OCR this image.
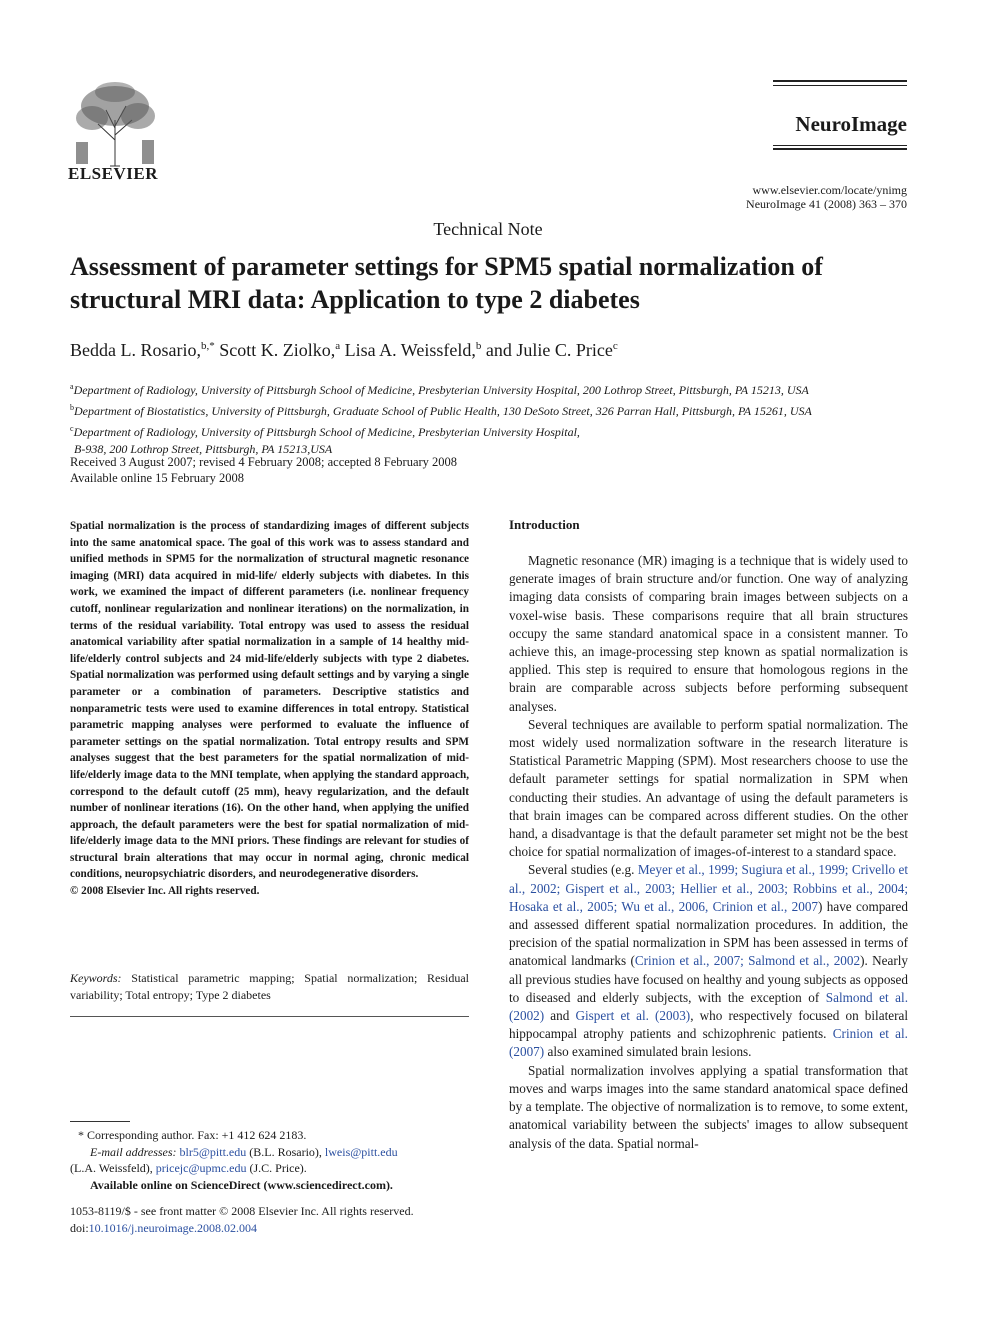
ELSEVIER
NeuroImage
www.elsevier.com/locate/ynimg
NeuroImage 41 (2008) 363 – 370
Technical Note
Assessment of parameter settings for SPM5 spatial normalization of structural MRI data: Application to type 2 diabetes
Bedda L. Rosario,$^{b,*}$ Scott K. Ziolko,$^a$ Lisa A. Weissfeld,$^b$ and Julie C. Price$^c$
$^a$Department of Radiology, University of Pittsburgh School of Medicine, Presbyterian University Hospital, 200 Lothrop Street, Pittsburgh, PA 15213, USA
$^b$Department of Biostatistics, University of Pittsburgh, Graduate School of Public Health, 130 DeSoto Street, 326 Parran Hall, Pittsburgh, PA 15261, USA
$^c$Department of Radiology, University of Pittsburgh School of Medicine, Presbyterian University Hospital,
B-938, 200 Lothrop Street, Pittsburgh, PA 15213,USA
Received 3 August 2007; revised 4 February 2008; accepted 8 February 2008
Available online 15 February 2008
Spatial normalization is the process of standardizing images of different subjects into the same anatomical space. The goal of this work was to assess standard and unified methods in SPM5 for the normalization of structural magnetic resonance imaging (MRI) data acquired in mid-life/ elderly subjects with diabetes. In this work, we examined the impact of different parameters (i.e. nonlinear frequency cutoff, nonlinear regularization and nonlinear iterations) on the normalization, in terms of the residual variability. Total entropy was used to assess the residual anatomical variability after spatial normalization in a sample of 14 healthy mid-life/elderly control subjects and 24 mid-life/elderly subjects with type 2 diabetes. Spatial normalization was performed using default settings and by varying a single parameter or a combination of parameters. Descriptive statistics and nonparametric tests were used to examine differences in total entropy. Statistical parametric mapping analyses were performed to evaluate the influence of parameter settings on the spatial normalization. Total entropy results and SPM analyses suggest that the best parameters for the spatial normalization of mid-life/elderly image data to the MNI template, when applying the standard approach, correspond to the default cutoff (25 mm), heavy regularization, and the default number of nonlinear iterations (16). On the other hand, when applying the unified approach, the default parameters were the best for spatial normalization of mid-life/elderly image data to the MNI priors. These findings are relevant for studies of structural brain alterations that may occur in normal aging, chronic medical conditions, neuropsychiatric disorders, and neurodegenerative disorders.
© 2008 Elsevier Inc. All rights reserved.
Keywords: Statistical parametric mapping; Spatial normalization; Residual variability; Total entropy; Type 2 diabetes
* Corresponding author. Fax: +1 412 624 2183.
E-mail addresses: blr5@pitt.edu (B.L. Rosario), lweis@pitt.edu
(L.A. Weissfeld), pricejc@upmc.edu (J.C. Price).
Available online on ScienceDirect (www.sciencedirect.com).
1053-8119/$ - see front matter © 2008 Elsevier Inc. All rights reserved.
doi:10.1016/j.neuroimage.2008.02.004
Introduction

Magnetic resonance (MR) imaging is a technique that is widely used to generate images of brain structure and/or function. One way of analyzing imaging data consists of comparing brain images between subjects on a voxel-wise basis. These comparisons require that all brain structures occupy the same standard anatomical space in a consistent manner. To achieve this, an image-processing step known as spatial normalization is applied. This step is required to ensure that homologous regions in the brain are comparable across subjects before performing subsequent analyses.

Several techniques are available to perform spatial normalization. The most widely used normalization software in the research literature is Statistical Parametric Mapping (SPM). Most researchers choose to use the default parameter settings for spatial normalization in SPM when conducting their studies. An advantage of using the default parameters is that brain images can be compared across different studies. On the other hand, a disadvantage is that the default parameter set might not be the best choice for spatial normalization of images-of-interest to a standard space.

Several studies (e.g. Meyer et al., 1999; Sugiura et al., 1999; Crivello et al., 2002; Gispert et al., 2003; Hellier et al., 2003; Robbins et al., 2004; Hosaka et al., 2005; Wu et al., 2006, Crinion et al., 2007) have compared and assessed different spatial normalization procedures. In addition, the precision of the spatial normalization in SPM has been assessed in terms of anatomical landmarks (Crinion et al., 2007; Salmond et al., 2002). Nearly all previous studies have focused on healthy and young subjects as opposed to diseased and elderly subjects, with the exception of Salmond et al. (2002) and Gispert et al. (2003), who respectively focused on bilateral hippocampal atrophy patients and schizophrenic patients. Crinion et al. (2007) also examined simulated brain lesions.

Spatial normalization involves applying a spatial transformation that moves and warps images into the same standard anatomical space defined by a template. The objective of normalization is to remove, to some extent, anatomical variability between the subjects' images to allow subsequent analysis of the data. Spatial normal-
